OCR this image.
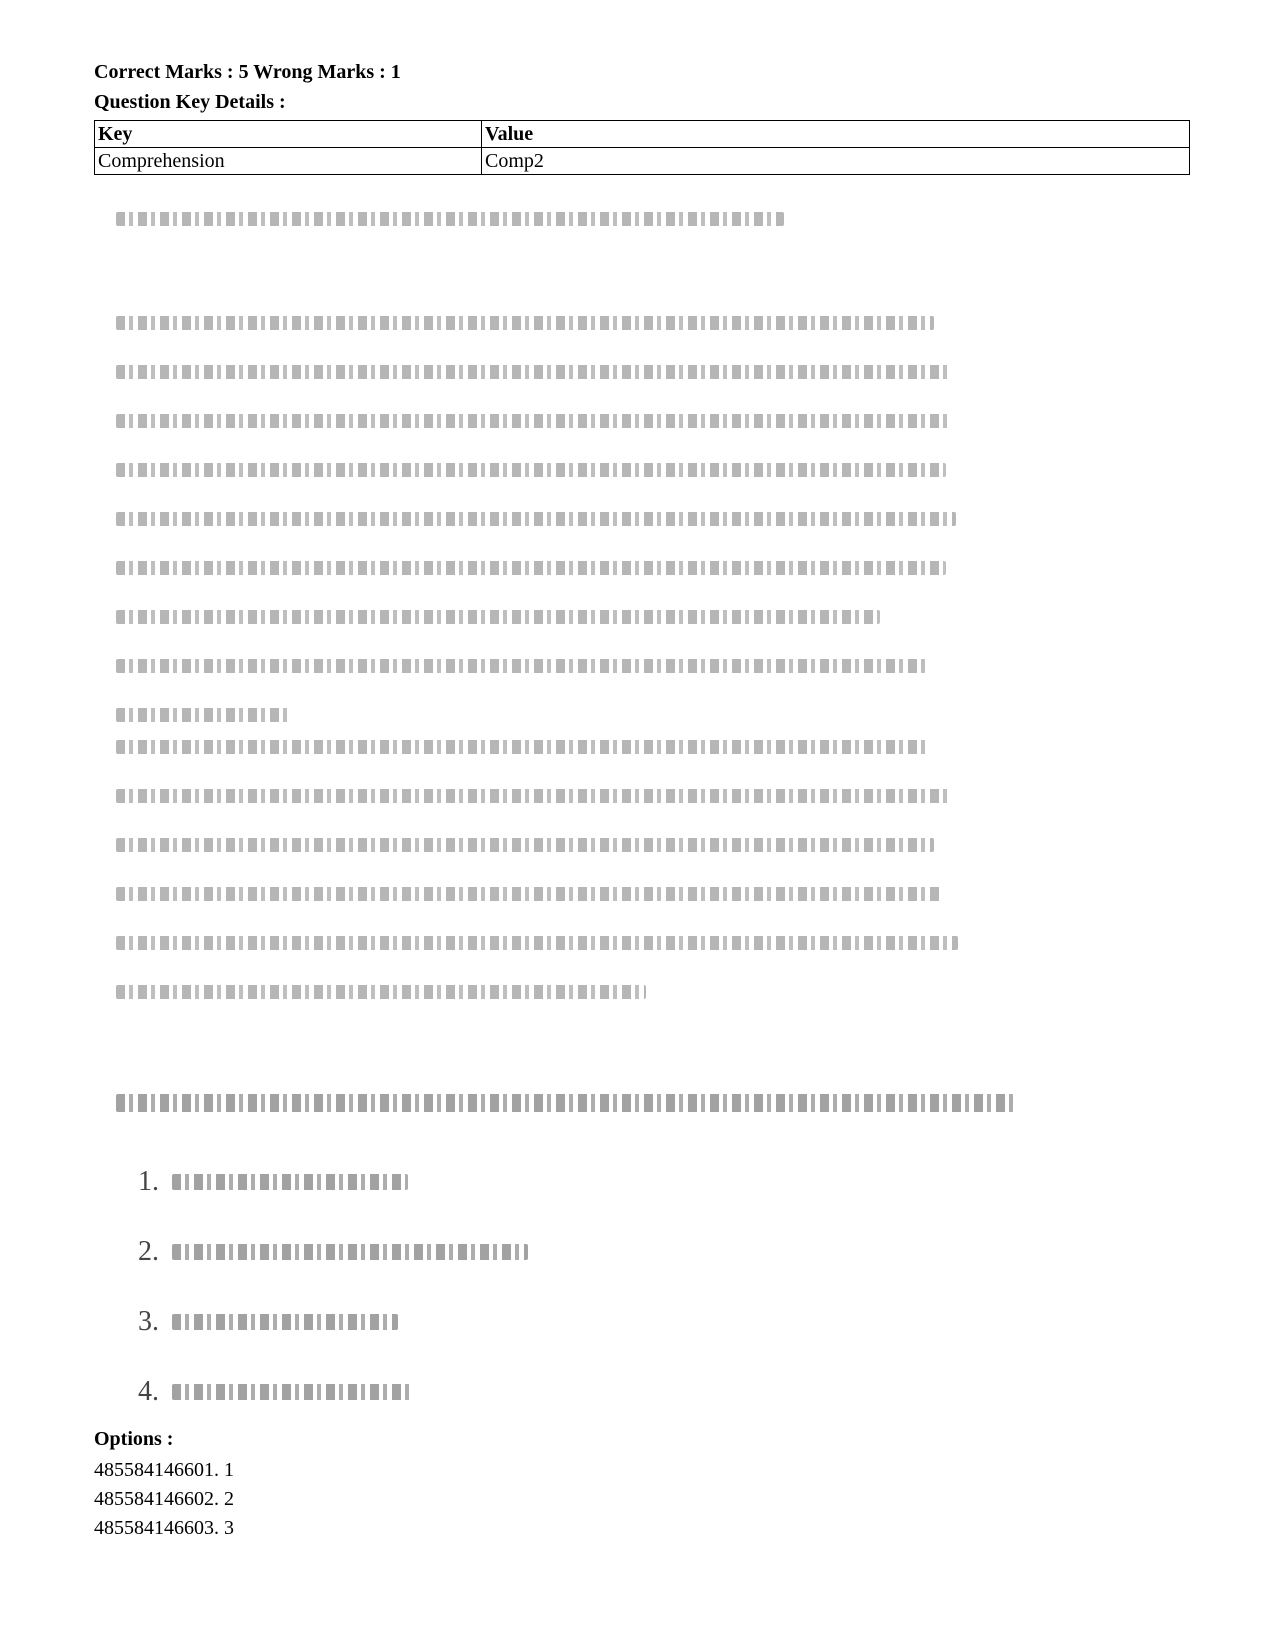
Correct Marks : 5 Wrong Marks : 1
Question Key Details :
Key	Value
Comprehension	Comp2
1.
2.
3.
4.
Options :
485584146601. 1
485584146602. 2
485584146603. 3
